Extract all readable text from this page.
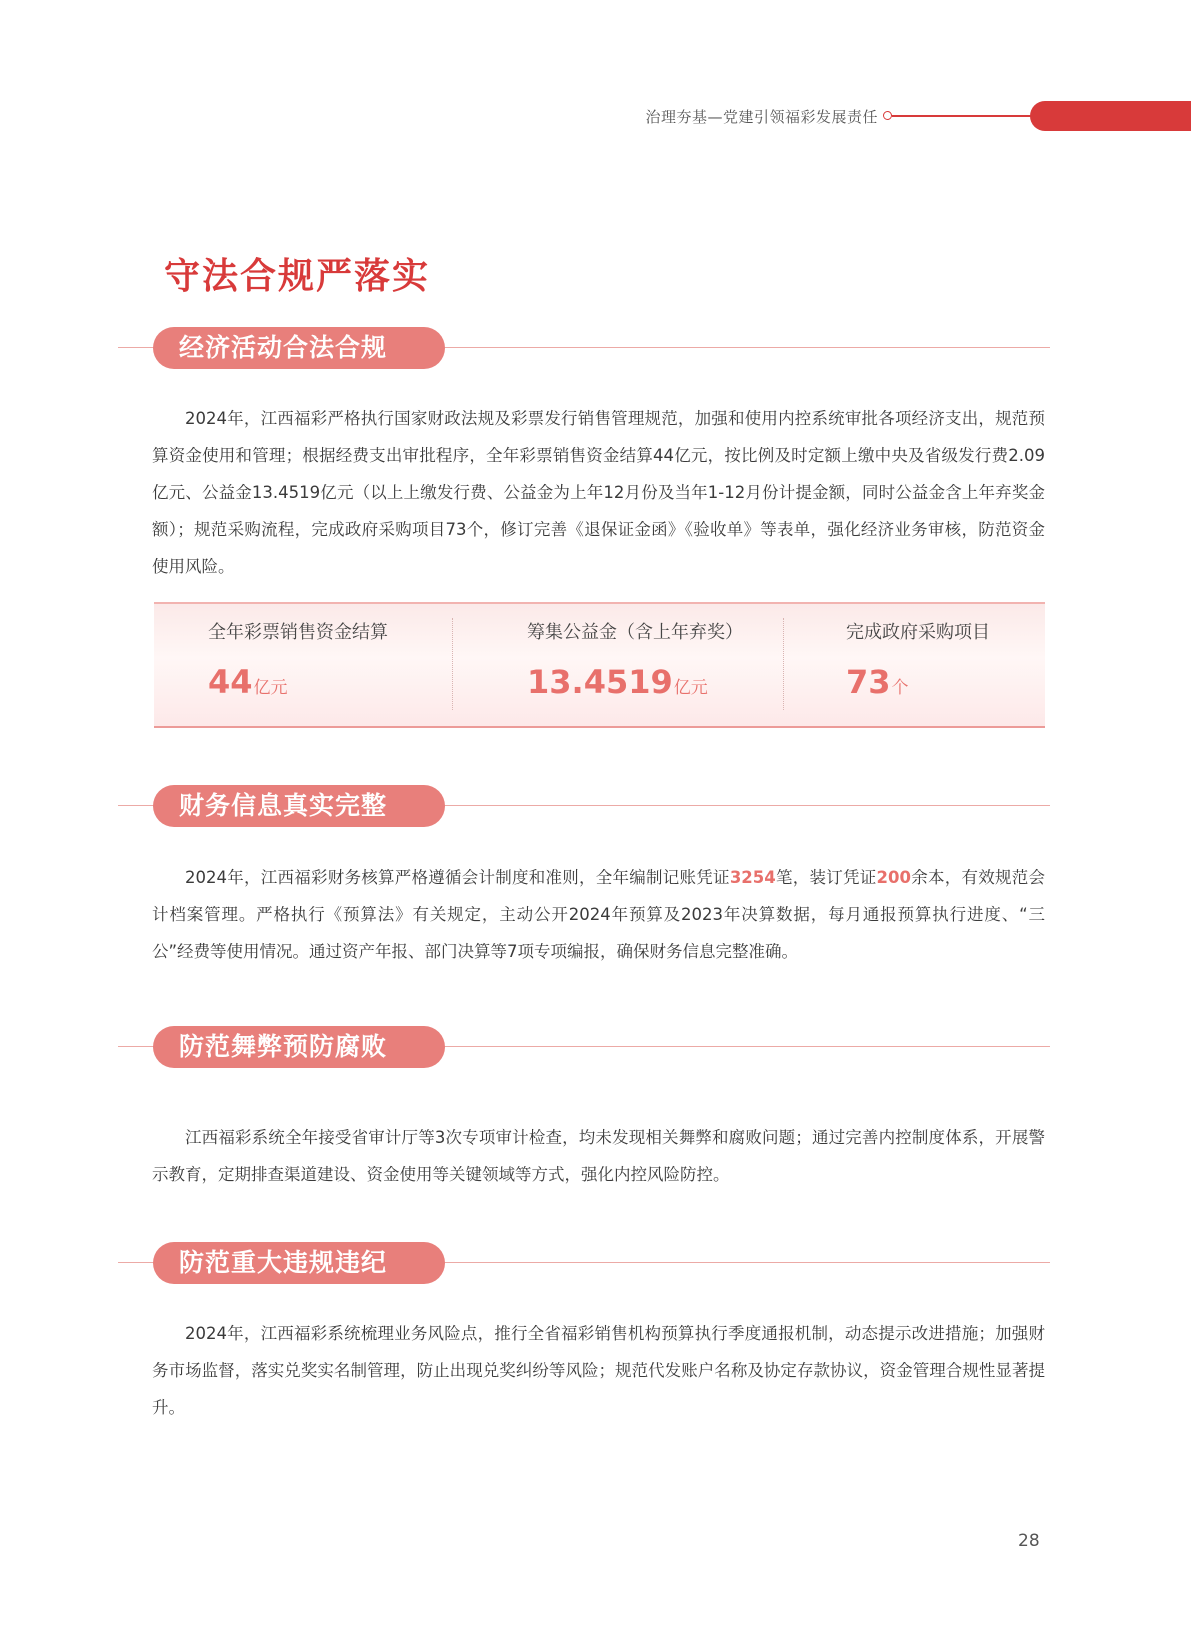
治理夯基—党建引领福彩发展责任
守法合规严落实
经济活动合法合规

2024年，江西福彩严格执行国家财政法规及彩票发行销售管理规范，加强和使用内控系统审批各项经济支出，规范预算资金使用和管理；根据经费支出审批程序，全年彩票销售资金结算44亿元，按比例及时定额上缴中央及省级发行费2.09亿元、公益金13.4519亿元（以上上缴发行费、公益金为上年12月份及当年1-12月份计提金额，同时公益金含上年弃奖金额）；规范采购流程，完成政府采购项目73个，修订完善《退保证金函》《验收单》等表单，强化经济业务审核，防范资金使用风险。

全年彩票销售资金结算
44亿元
筹集公益金（含上年弃奖）
13.4519亿元
完成政府采购项目
73个
财务信息真实完整

2024年，江西福彩财务核算严格遵循会计制度和准则，全年编制记账凭证3254笔，装订凭证200余本，有效规范会计档案管理。严格执行《预算法》有关规定，主动公开2024年预算及2023年决算数据，每月通报预算执行进度、“三公”经费等使用情况。通过资产年报、部门决算等7项专项编报，确保财务信息完整准确。

防范舞弊预防腐败

江西福彩系统全年接受省审计厅等3次专项审计检查，均未发现相关舞弊和腐败问题；通过完善内控制度体系，开展警示教育，定期排查渠道建设、资金使用等关键领域等方式，强化内控风险防控。

防范重大违规违纪

2024年，江西福彩系统梳理业务风险点，推行全省福彩销售机构预算执行季度通报机制，动态提示改进措施；加强财务市场监督，落实兑奖实名制管理，防止出现兑奖纠纷等风险；规范代发账户名称及协定存款协议，资金管理合规性显著提升。

28
